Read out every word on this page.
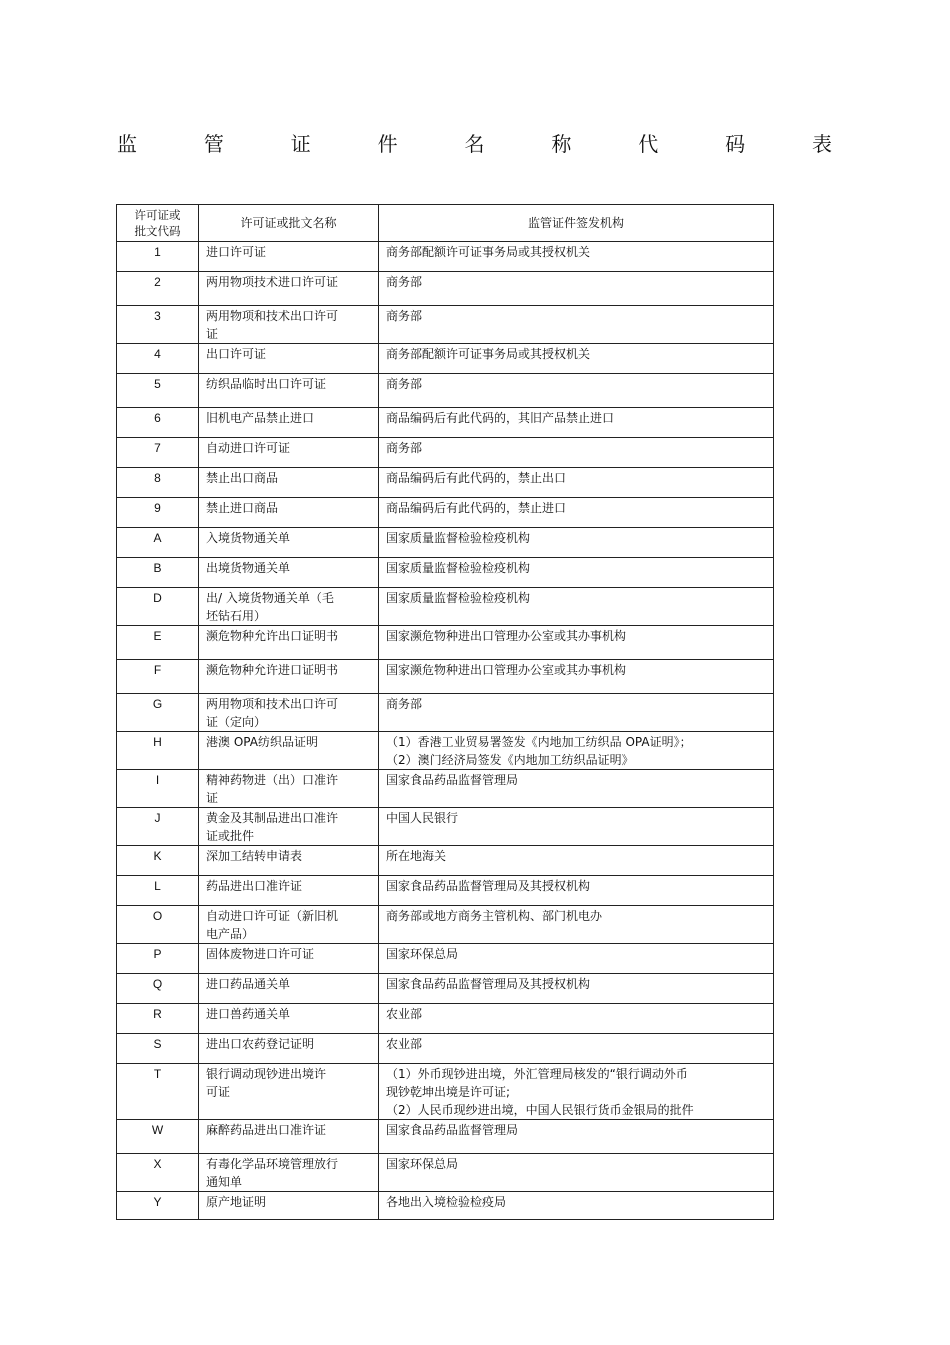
监	管	证	件	名	称	代	码	表
许可证或
批文代码	许可证或批文名称	监管证件签发机构
1	进口许可证	商务部配额许可证事务局或其授权机关

2	两用物项技术进口许可证	商务部

3	两用物项和技术出口许可
证	商务部

4	出口许可证	商务部配额许可证事务局或其授权机关

5	纺织品临时出口许可证	商务部

6	旧机电产品禁止进口	商品编码后有此代码的，其旧产品禁止进口

7	自动进口许可证	商务部

8	禁止出口商品	商品编码后有此代码的，禁止出口

9	禁止进口商品	商品编码后有此代码的，禁止进口

A	入境货物通关单	国家质量监督检验检疫机构

B	出境货物通关单	国家质量监督检验检疫机构

D	出/ 入境货物通关单（毛
坯钻石用）	国家质量监督检验检疫机构

E	濒危物种允许出口证明书	国家濒危物种进出口管理办公室或其办事机构

F	濒危物种允许进口证明书	国家濒危物种进出口管理办公室或其办事机构

G	两用物项和技术出口许可
证（定向）	商务部

H	港澳 OPA纺织品证明	（1）香港工业贸易署签发《内地加工纺织品 OPA证明》；
（2）澳门经济局签发《内地加工纺织品证明》

I	精神药物进（出）口准许
证	国家食品药品监督管理局

J	黄金及其制品进出口准许
证或批件	中国人民银行

K	深加工结转申请表	所在地海关

L	药品进出口准许证	国家食品药品监督管理局及其授权机构

O	自动进口许可证（新旧机
电产品）	商务部或地方商务主管机构、部门机电办

P	固体废物进口许可证	国家环保总局

Q	进口药品通关单	国家食品药品监督管理局及其授权机构

R	进口兽药通关单	农业部

S	进出口农药登记证明	农业部

T	银行调动现钞进出境许
可证	（1）外币现钞进出境，外汇管理局核发的“银行调动外币
现钞乾坤出境是许可证;
（2）人民币现纱进出境，中国人民银行货币金银局的批件

W	麻醉药品进出口准许证	国家食品药品监督管理局

X	有毒化学品环境管理放行
通知单	国家环保总局

Y	原产地证明	各地出入境检验检疫局
